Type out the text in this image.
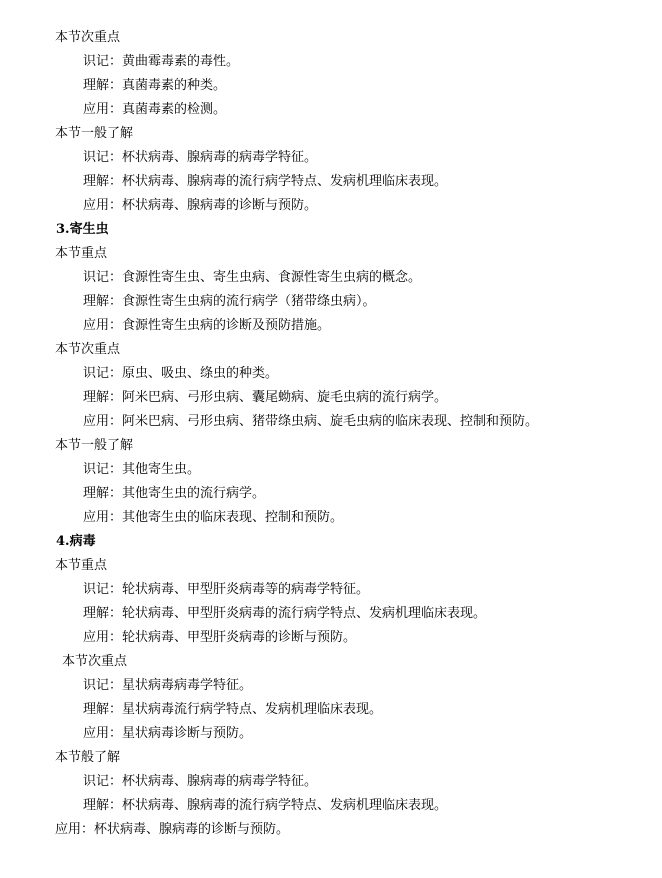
本节次重点
识记：黄曲霉毒素的毒性。
理解：真菌毒素的种类。
应用：真菌毒素的检测。
本节一般了解
识记：杯状病毒、腺病毒的病毒学特征。
理解：杯状病毒、腺病毒的流行病学特点、发病机理临床表现。
应用：杯状病毒、腺病毒的诊断与预防。
3.寄生虫
本节重点
识记：食源性寄生虫、寄生虫病、食源性寄生虫病的概念。
理解：食源性寄生虫病的流行病学（猪带绦虫病）。
应用：食源性寄生虫病的诊断及预防措施。
本节次重点
识记：原虫、吸虫、绦虫的种类。
理解：阿米巴病、弓形虫病、囊尾蚴病、旋毛虫病的流行病学。
应用：阿米巴病、弓形虫病、猪带绦虫病、旋毛虫病的临床表现、控制和预防。
本节一般了解
识记：其他寄生虫。
理解：其他寄生虫的流行病学。
应用：其他寄生虫的临床表现、控制和预防。
4.病毒
本节重点
识记：轮状病毒、甲型肝炎病毒等的病毒学特征。
理解：轮状病毒、甲型肝炎病毒的流行病学特点、发病机理临床表现。
应用：轮状病毒、甲型肝炎病毒的诊断与预防。
本节次重点
识记：星状病毒病毒学特征。
理解：星状病毒流行病学特点、发病机理临床表现。
应用：星状病毒诊断与预防。
本节般了解
识记：杯状病毒、腺病毒的病毒学特征。
理解：杯状病毒、腺病毒的流行病学特点、发病机理临床表现。
应用：杯状病毒、腺病毒的诊断与预防。
